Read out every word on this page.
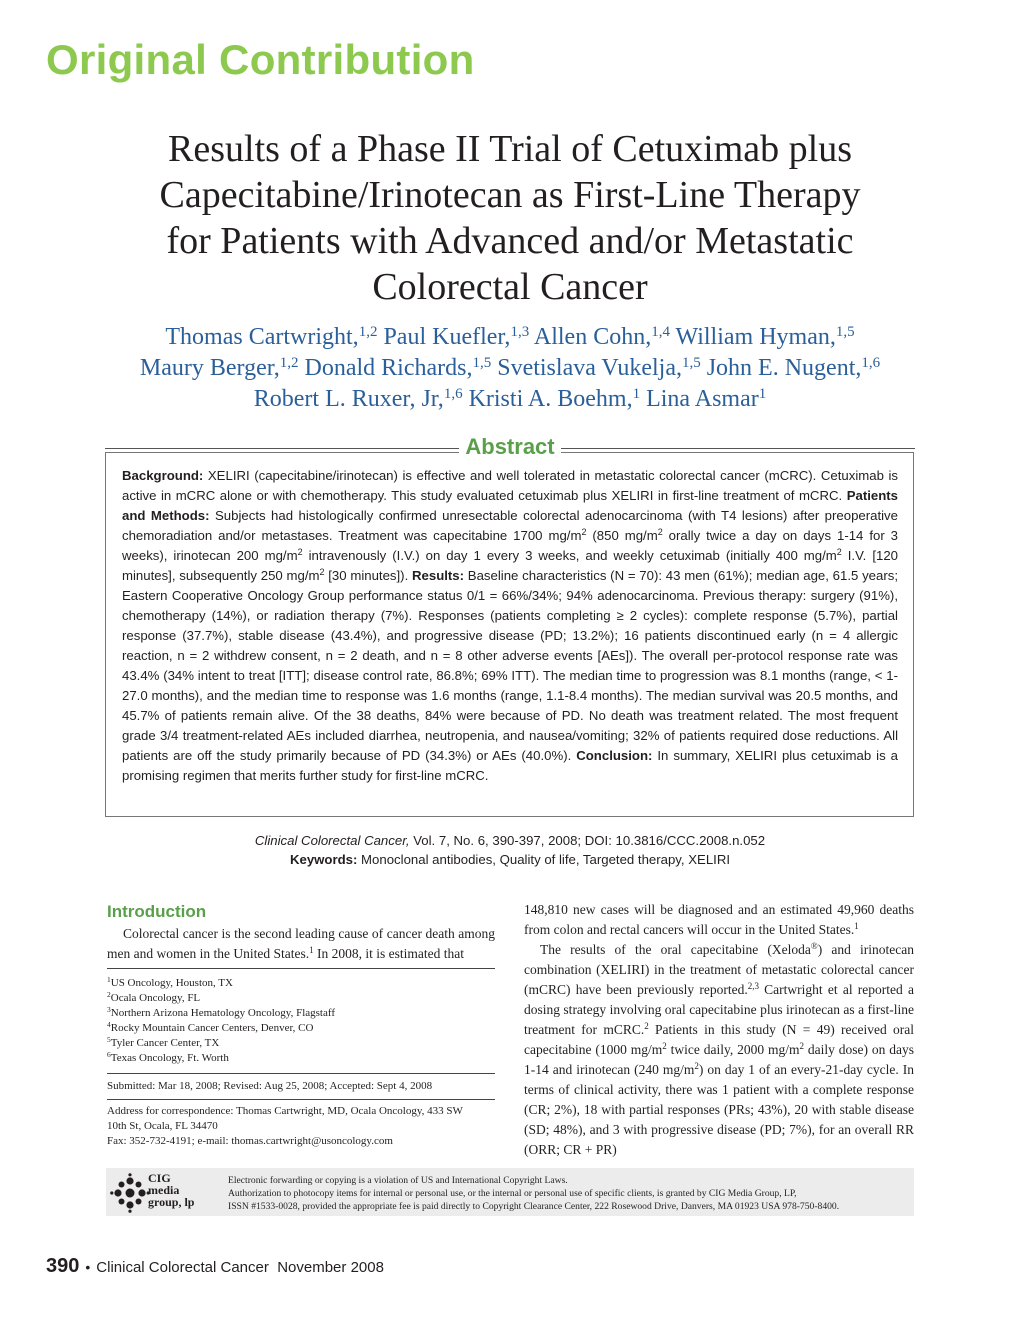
Original Contribution
Results of a Phase II Trial of Cetuximab plus
Capecitabine/Irinotecan as First-Line Therapy
for Patients with Advanced and/or Metastatic
Colorectal Cancer
Thomas Cartwright,$^{1,2}$ Paul Kuefler,$^{1,3}$ Allen Cohn,$^{1,4}$ William Hyman,$^{1,5}$
Maury Berger,$^{1,2}$ Donald Richards,$^{1,5}$ Svetislava Vukelja,$^{1,5}$ John E. Nugent,$^{1,6}$
Robert L. Ruxer, Jr,$^{1,6}$ Kristi A. Boehm,$^1$ Lina Asmar$^1$
Abstract
Background: XELIRI (capecitabine/irinotecan) is effective and well tolerated in metastatic colorectal cancer (mCRC). Cetuximab is active in mCRC alone or with chemotherapy. This study evaluated cetuximab plus XELIRI in first-line treatment of mCRC. Patients and Methods: Subjects had histologically confirmed unresectable colorectal adenocarcinoma (with T4 lesions) after preoperative chemoradiation and/or metastases. Treatment was capecitabine 1700 $mg/m^2$ (850 $mg/m^2$ orally twice a day on days 1-14 for 3 weeks), irinotecan 200 $mg/m^2$ intravenously (I.V.) on day 1 every 3 weeks, and weekly cetuximab (initially 400 $mg/m^2$ I.V. [120 minutes], subsequently 250 $mg/m^2$ [30 minutes]). Results: Baseline characteristics (N = 70): 43 men (61%); median age, 61.5 years; Eastern Cooperative Oncology Group performance status 0/1 = 66%/34%; 94% adenocarcinoma. Previous therapy: surgery (91%), chemotherapy (14%), or radiation therapy (7%). Responses (patients completing ≥ 2 cycles): complete response (5.7%), partial response (37.7%), stable disease (43.4%), and progressive disease (PD; 13.2%); 16 patients discontinued early (n = 4 allergic reaction, n = 2 withdrew consent, n = 2 death, and n = 8 other adverse events [AEs]). The overall per-protocol response rate was 43.4% (34% intent to treat [ITT]; disease control rate, 86.8%; 69% ITT). The median time to progression was 8.1 months (range, < 1-27.0 months), and the median time to response was 1.6 months (range, 1.1-8.4 months). The median survival was 20.5 months, and 45.7% of patients remain alive. Of the 38 deaths, 84% were because of PD. No death was treatment related. The most frequent grade 3/4 treatment-related AEs included diarrhea, neutropenia, and nausea/vomiting; 32% of patients required dose reductions. All patients are off the study primarily because of PD (34.3%) or AEs (40.0%). Conclusion: In summary, XELIRI plus cetuximab is a promising regimen that merits further study for first-line mCRC.
Clinical Colorectal Cancer, Vol. 7, No. 6, 390-397, 2008; DOI: 10.3816/CCC.2008.n.052
Keywords: Monoclonal antibodies, Quality of life, Targeted therapy, XELIRI
Introduction
Colorectal cancer is the second leading cause of cancer death among men and women in the United States.$^1$ In 2008, it is estimated that
$^1$US Oncology, Houston, TX
$^2$Ocala Oncology, FL
$^3$Northern Arizona Hematology Oncology, Flagstaff
$^4$Rocky Mountain Cancer Centers, Denver, CO
$^5$Tyler Cancer Center, TX
$^6$Texas Oncology, Ft. Worth
Submitted: Mar 18, 2008; Revised: Aug 25, 2008; Accepted: Sept 4, 2008
Address for correspondence: Thomas Cartwright, MD, Ocala Oncology, 433 SW
10th St, Ocala, FL 34470
Fax: 352-732-4191; e-mail: thomas.cartwright@usoncology.com

148,810 new cases will be diagnosed and an estimated 49,960 deaths from colon and rectal cancers will occur in the United States.$^1$

The results of the oral capecitabine (Xeloda®) and irinotecan combination (XELIRI) in the treatment of metastatic colorectal cancer (mCRC) have been previously reported.$^{2,3}$ Cartwright et al reported a dosing strategy involving oral capecitabine plus irinotecan as a first-line treatment for mCRC.$^2$ Patients in this study (N = 49) received oral capecitabine (1000 mg/m$^2$ twice daily, 2000 mg/m$^2$ daily dose) on days 1-14 and irinotecan (240 mg/m$^2$) on day 1 of an every-21-day cycle. In terms of clinical activity, there was 1 patient with a complete response (CR; 2%), 18 with partial responses (PRs; 43%), 20 with stable disease (SD; 48%), and 3 with progressive disease (PD; 7%), for an overall RR (ORR; CR + PR)

CIG
media
group, lp
Electronic forwarding or copying is a violation of US and International Copyright Laws.
Authorization to photocopy items for internal or personal use, or the internal or personal use of specific clients, is granted by CIG Media Group, LP,
ISSN #1533-0028, provided the appropriate fee is paid directly to Copyright Clearance Center, 222 Rosewood Drive, Danvers, MA 01923 USA 978-750-8400.
390 • Clinical Colorectal Cancer November 2008
